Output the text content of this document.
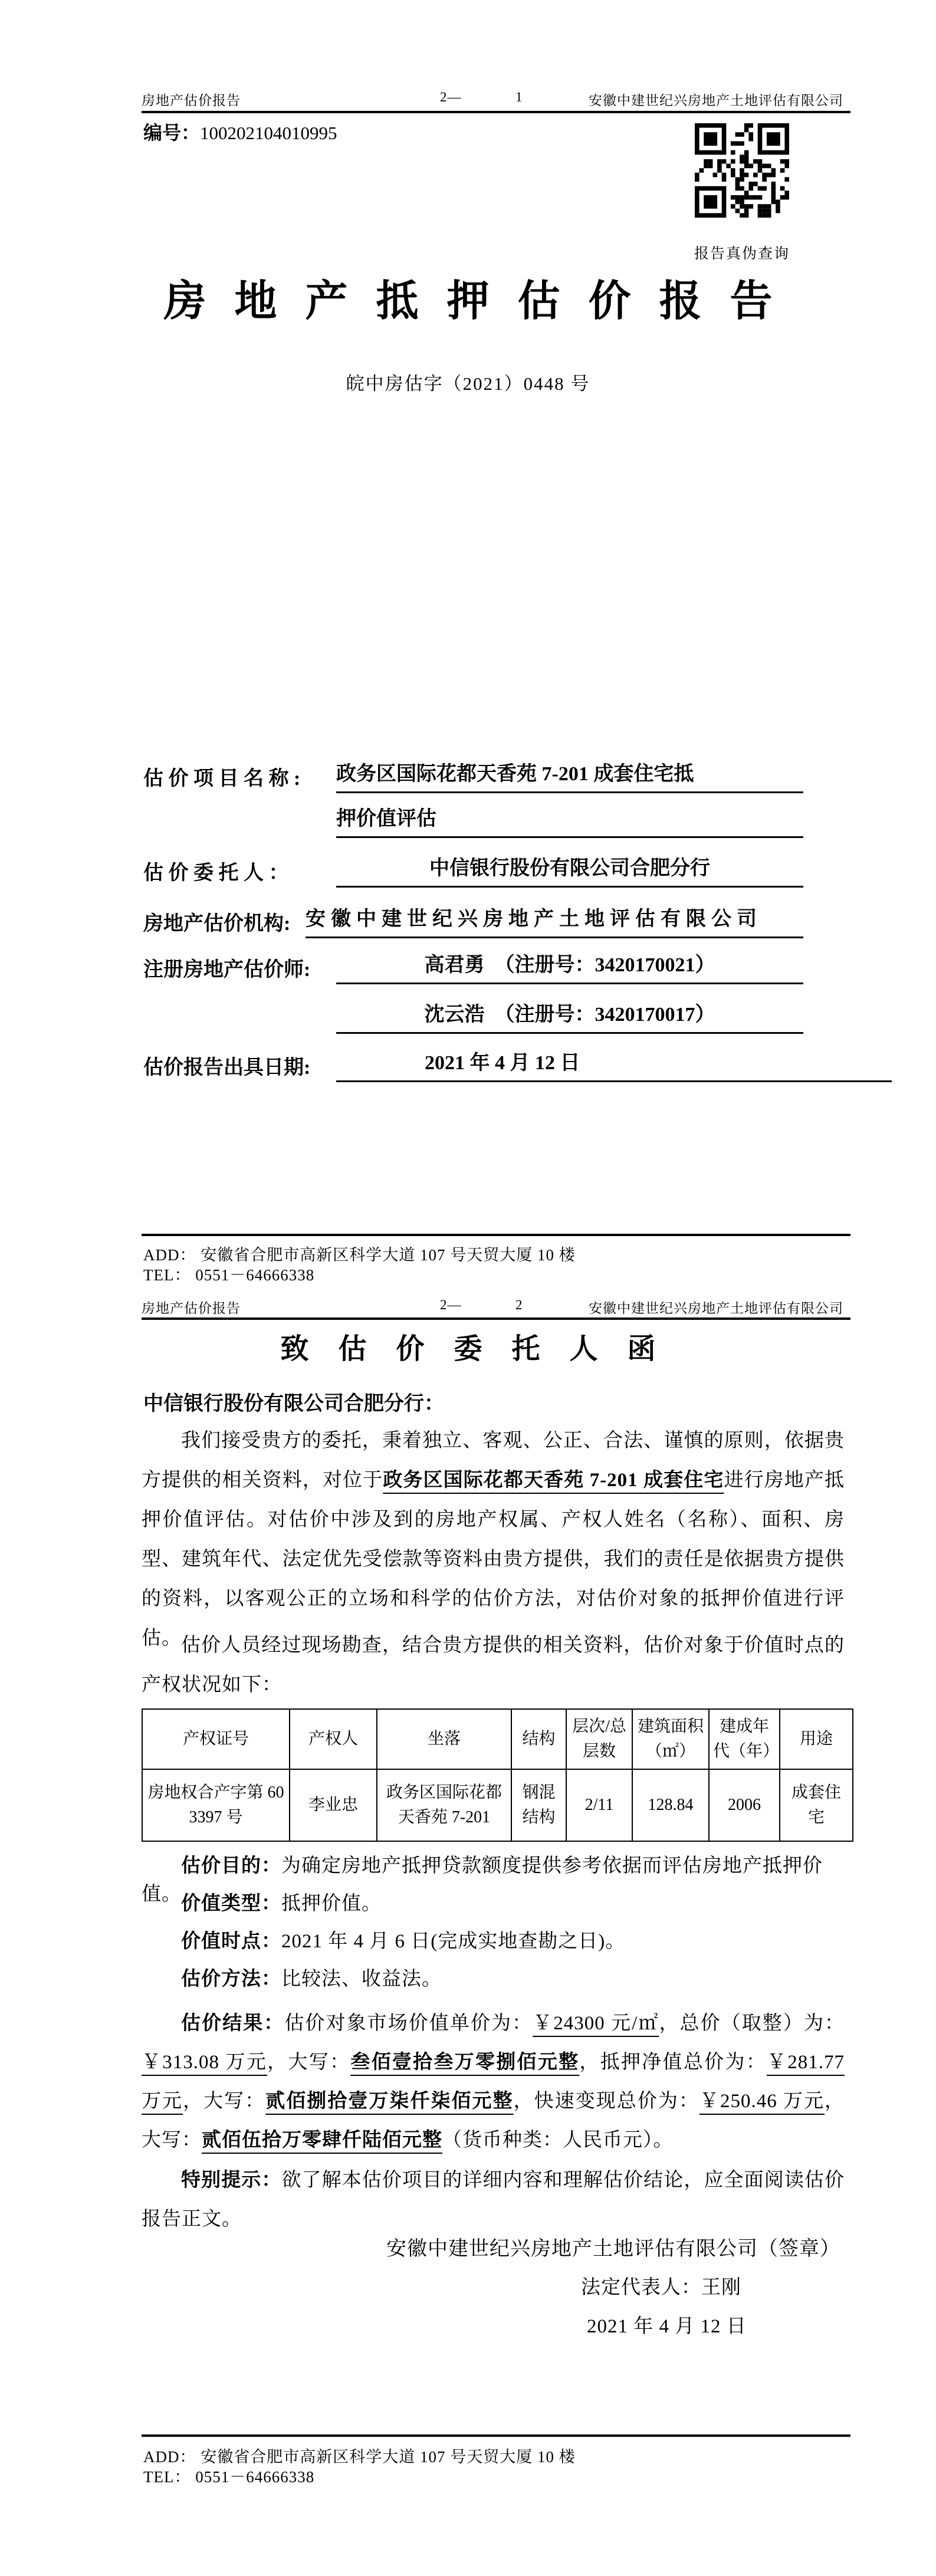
房地产估价报告	2—	1	安徽中建世纪兴房地产土地评估有限公司
编号：100202104010995
报告真伪查询
房地产抵押估价报告
皖中房估字（2021）0448 号
估 价 项 目 名 称 : 政务区国际花都天香苑 7-201 成套住宅抵
押价值评估
估 价 委 托 人 ：	中信银行股份有限公司合肥分行
房地产估价机构: 安徽中建世纪兴房地产土地评估有限公司
注册房地产估价师:	高君勇　（注册号：3420170021）
沈云浩　（注册号：3420170017）
估价报告出具日期:	2021 年 4 月 12 日
ADD： 安徽省合肥市高新区科学大道 107 号天贸大厦 10 楼
TEL： 0551－64666338
房地产估价报告	2—	2	安徽中建世纪兴房地产土地评估有限公司
致估价委托人函
中信银行股份有限公司合肥分行：
我们接受贵方的委托，秉着独立、客观、公正、合法、谨慎的原则，依据贵方提供的相关资料，对位于政务区国际花都天香苑 7-201 成套住宅进行房地产抵押价值评估。对估价中涉及到的房地产权属、产权人姓名（名称）、面积、房型、建筑年代、法定优先受偿款等资料由贵方提供，我们的责任是依据贵方提供的资料，以客观公正的立场和科学的估价方法，对估价对象的抵押价值进行评估。 估价人员经过现场勘查，结合贵方提供的相关资料，估价对象于价值时点的产权状况如下：
产权证号	产权人	坐落	结构	层次/总层数	建筑面积（㎡）	建成年代（年）	用途
房地权合产字第 603397 号	李业忠	政务区国际花都天香苑 7-201	钢混结构	2/11	128.84	2006	成套住宅
估价目的：为确定房地产抵押贷款额度提供参考依据而评估房地产抵押价值。 价值类型：抵押价值。
价值时点：2021 年 4 月 6 日(完成实地查勘之日)。
估价方法：比较法、收益法。
估价结果：估价对象市场价值单价为：￥24300 元/㎡，总价（取整）为：￥313.08 万元，大写：叁佰壹拾叁万零捌佰元整，抵押净值总价为：￥281.77 万元，大写：贰佰捌拾壹万柒仟柒佰元整，快速变现总价为：￥250.46 万元，大写：贰佰伍拾万零肆仟陆佰元整（货币种类：人民币元）。
特别提示：欲了解本估价项目的详细内容和理解估价结论，应全面阅读估价报告正文。
安徽中建世纪兴房地产土地评估有限公司（签章）
法定代表人：王刚
2021 年 4 月 12 日
ADD： 安徽省合肥市高新区科学大道 107 号天贸大厦 10 楼
TEL： 0551－64666338
